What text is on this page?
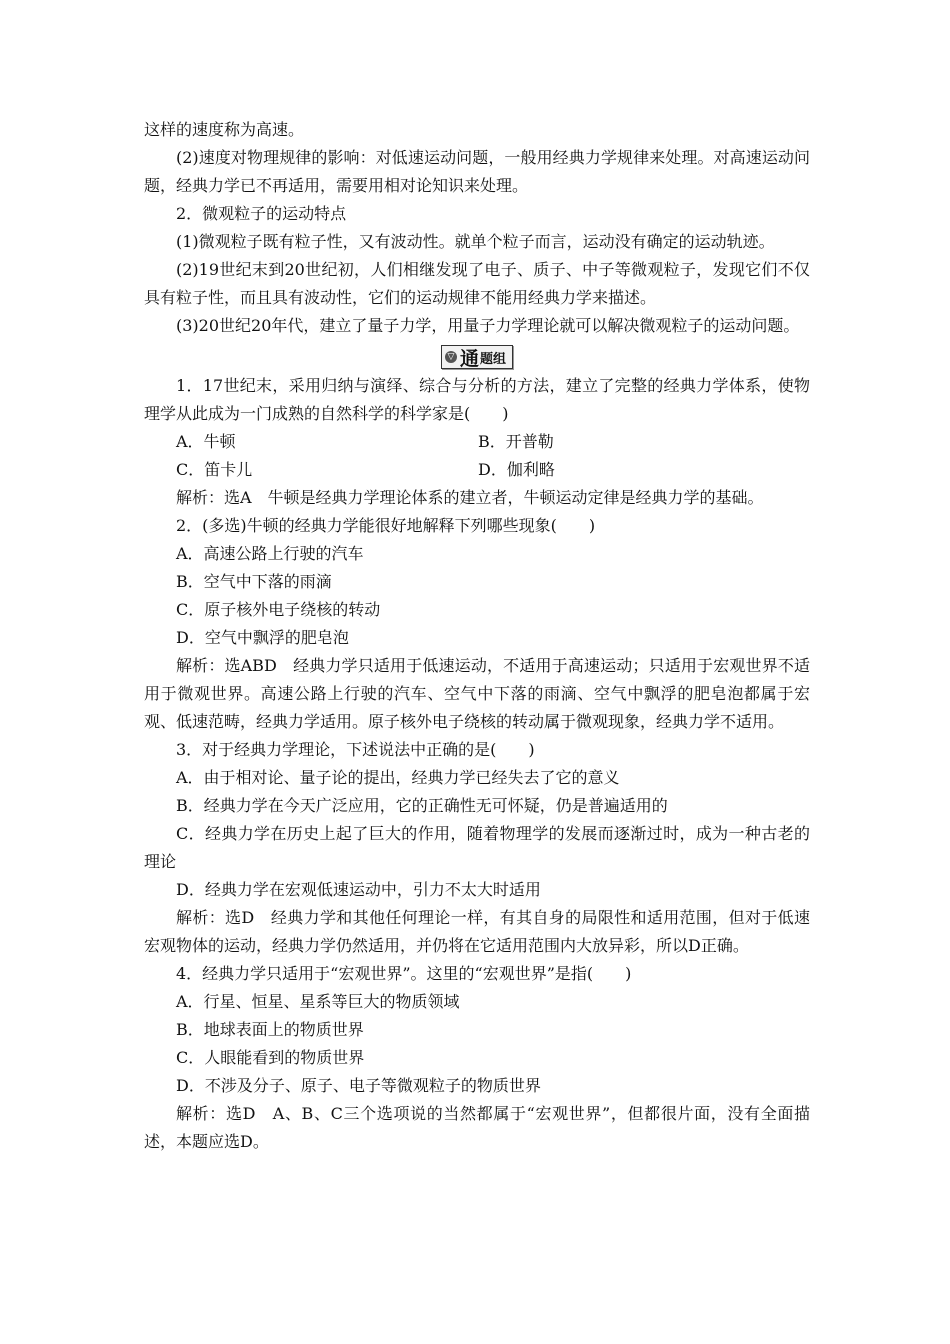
这样的速度称为高速。

(2)速度对物理规律的影响：对低速运动问题，一般用经典力学规律来处理。对高速运动问题，经典力学已不再适用，需要用相对论知识来处理。

2．微观粒子的运动特点

(1)微观粒子既有粒子性，又有波动性。就单个粒子而言，运动没有确定的运动轨迹。

(2)19世纪末到20世纪初，人们相继发现了电子、质子、中子等微观粒子，发现它们不仅具有粒子性，而且具有波动性，它们的运动规律不能用经典力学来描述。

(3)20世纪20年代，建立了量子力学，用量子力学理论就可以解决微观粒子的运动问题。

▽ 通 题组

1．17世纪末，采用归纳与演绎、综合与分析的方法，建立了完整的经典力学体系，使物理学从此成为一门成熟的自然科学的科学家是(　　)

A．牛顿	B．开普勒
C．笛卡儿	D．伽利略

解析：选A　牛顿是经典力学理论体系的建立者，牛顿运动定律是经典力学的基础。

2．(多选)牛顿的经典力学能很好地解释下列哪些现象(　　)

A．高速公路上行驶的汽车

B．空气中下落的雨滴

C．原子核外电子绕核的转动

D．空气中飘浮的肥皂泡

解析：选ABD　经典力学只适用于低速运动，不适用于高速运动；只适用于宏观世界不适用于微观世界。高速公路上行驶的汽车、空气中下落的雨滴、空气中飘浮的肥皂泡都属于宏观、低速范畴，经典力学适用。原子核外电子绕核的转动属于微观现象，经典力学不适用。

3．对于经典力学理论，下述说法中正确的是(　　)

A．由于相对论、量子论的提出，经典力学已经失去了它的意义

B．经典力学在今天广泛应用，它的正确性无可怀疑，仍是普遍适用的

C．经典力学在历史上起了巨大的作用，随着物理学的发展而逐渐过时，成为一种古老的理论

D．经典力学在宏观低速运动中，引力不太大时适用

解析：选D　经典力学和其他任何理论一样，有其自身的局限性和适用范围，但对于低速宏观物体的运动，经典力学仍然适用，并仍将在它适用范围内大放异彩，所以D正确。

4．经典力学只适用于“宏观世界”。这里的“宏观世界”是指(　　)

A．行星、恒星、星系等巨大的物质领域

B．地球表面上的物质世界

C．人眼能看到的物质世界

D．不涉及分子、原子、电子等微观粒子的物质世界

解析：选D　A、B、C三个选项说的当然都属于“宏观世界”，但都很片面，没有全面描述，本题应选D。
